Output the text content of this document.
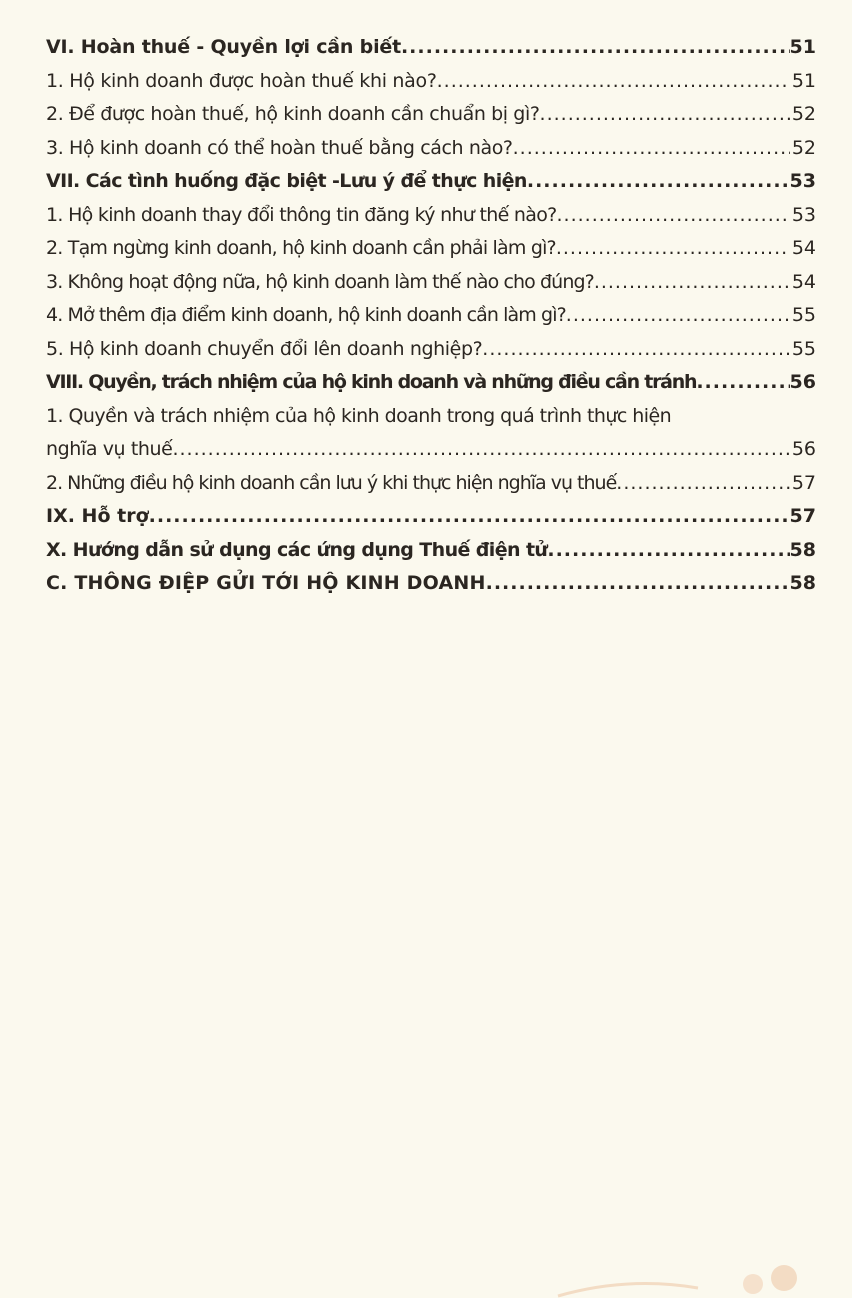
VI. Hoàn thuế - Quyền lợi cần biết .....	51
1. Hộ kinh doanh được hoàn thuế khi nào? .....	51
2. Để được hoàn thuế, hộ kinh doanh cần chuẩn bị gì? .....	52
3. Hộ kinh doanh có thể hoàn thuế bằng cách nào? .....	52
VII. Các tình huống đặc biệt -Lưu ý để thực hiện .....	53
1. Hộ kinh doanh thay đổi thông tin đăng ký như thế nào? .....	53
2. Tạm ngừng kinh doanh, hộ kinh doanh cần phải làm gì? .....	54
3. Không hoạt động nữa, hộ kinh doanh làm thế nào cho đúng? .....	54
4. Mở thêm địa điểm kinh doanh, hộ kinh doanh cần làm gì? .....	55
5. Hộ kinh doanh chuyển đổi lên doanh nghiệp? .....	55
VIII. Quyền, trách nhiệm của hộ kinh doanh và những điều cần tránh .....	56
1. Quyền và trách nhiệm của hộ kinh doanh trong quá trình thực hiện
nghĩa vụ thuế .....	56
2. Những điều hộ kinh doanh cần lưu ý khi thực hiện nghĩa vụ thuế .....	57
IX. Hỗ trợ .....	57
X. Hướng dẫn sử dụng các ứng dụng Thuế điện tử .....	58
C. THÔNG ĐIỆP GỬI TỚI HỘ KINH DOANH .....	58
